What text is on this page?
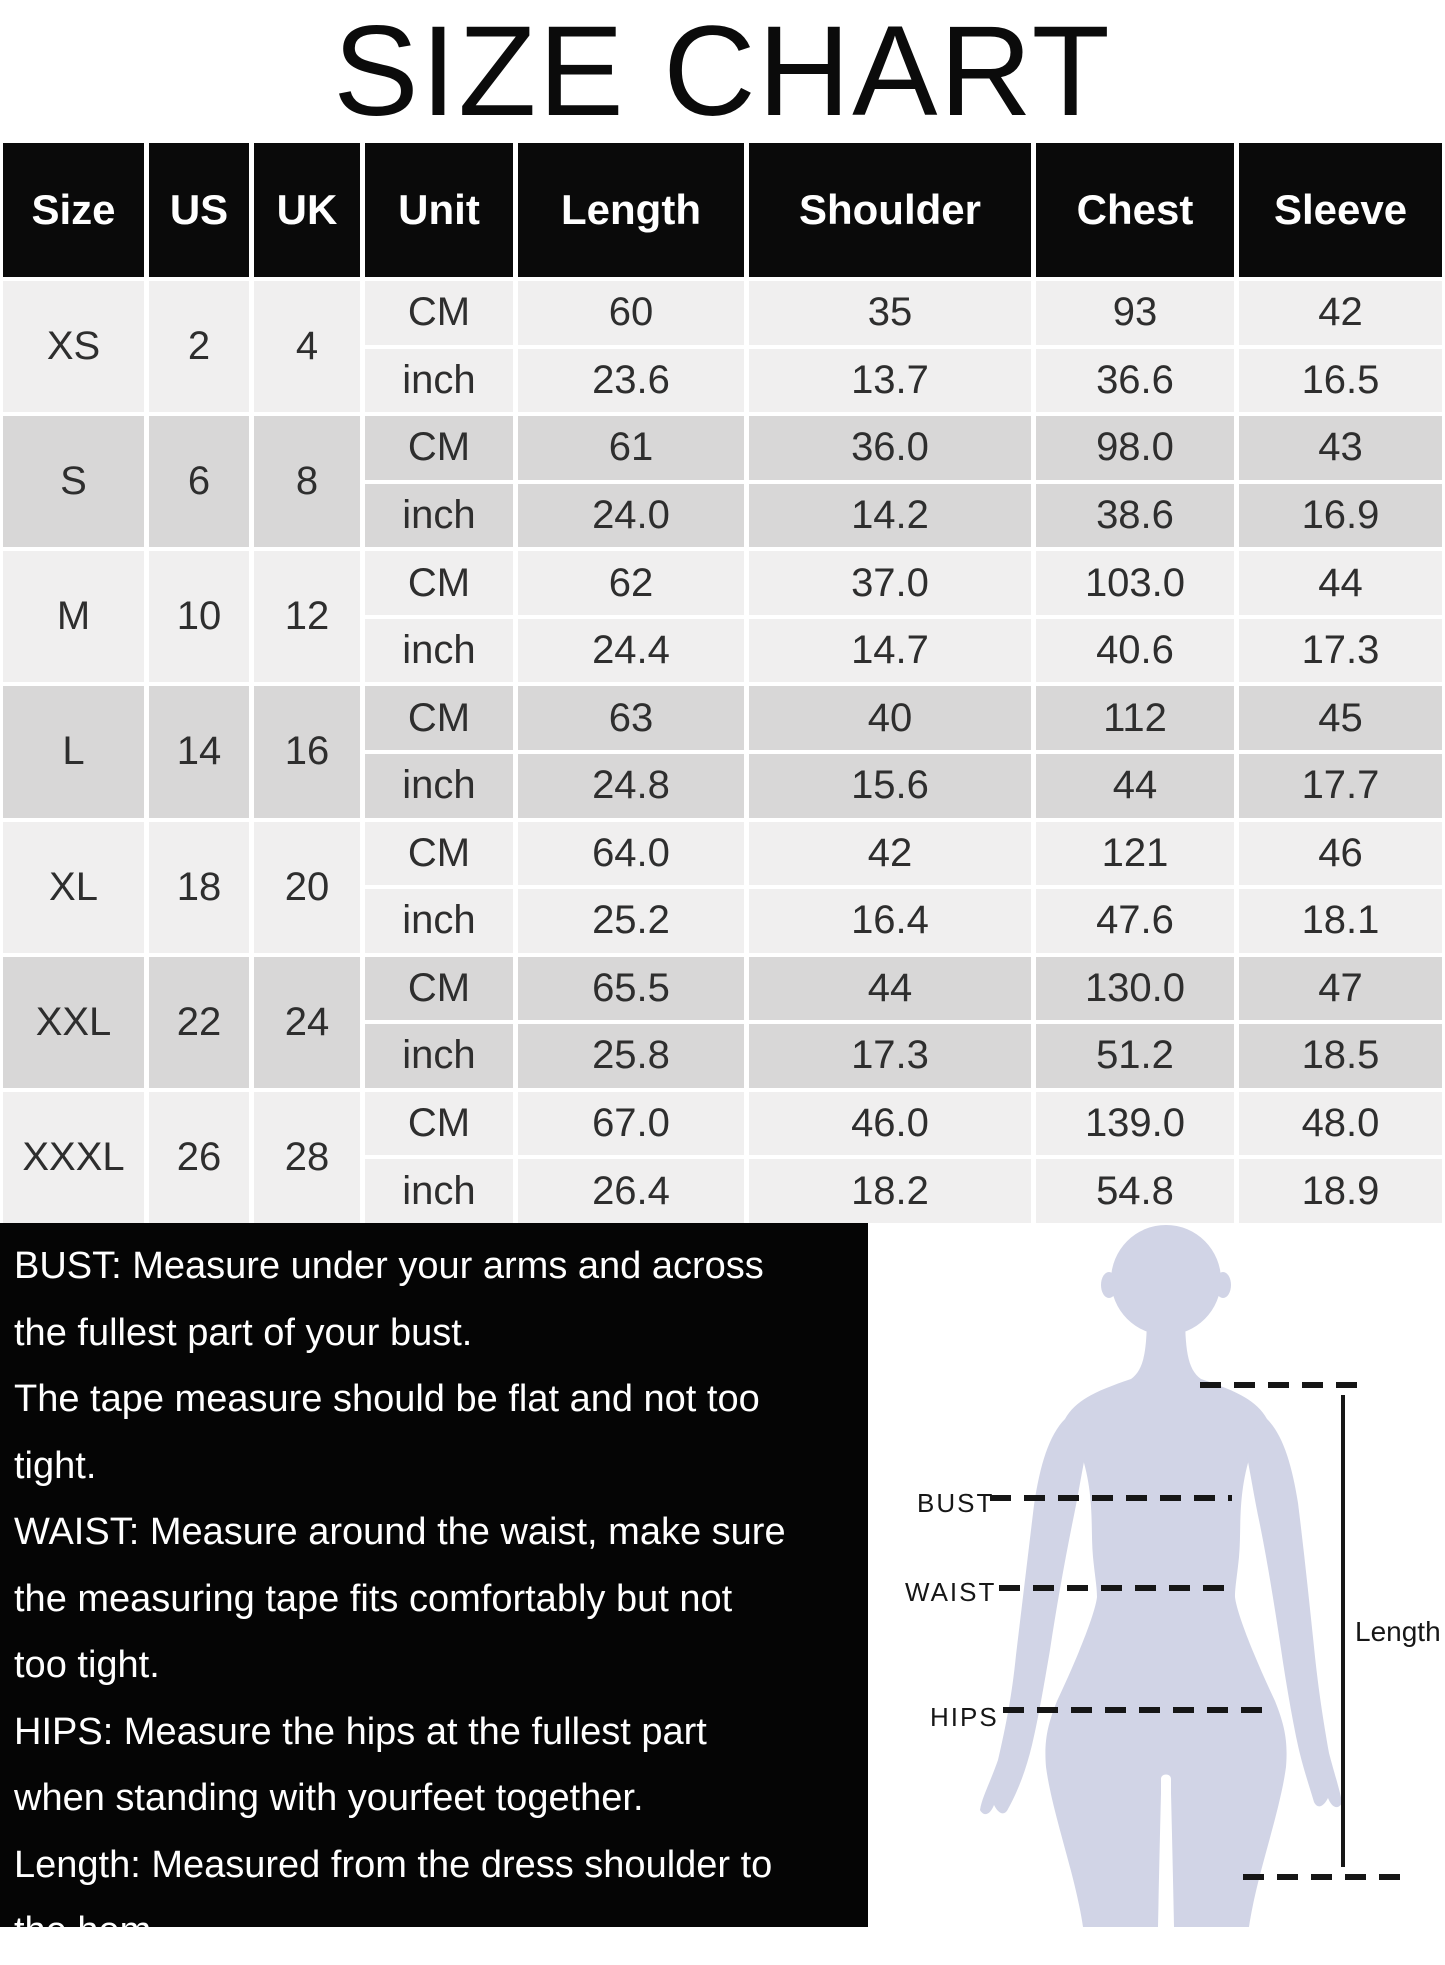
SIZE CHART
Size	US	UK	Unit	Length	Shoulder	Chest	Sleeve
XS	2	4
CM	60	35	93	42
inch	23.6	13.7	36.6	16.5
S	6	8
CM	61	36.0	98.0	43
inch	24.0	14.2	38.6	16.9
M	10	12
CM	62	37.0	103.0	44
inch	24.4	14.7	40.6	17.3
L	14	16
CM	63	40	112	45
inch	24.8	15.6	44	17.7
XL	18	20
CM	64.0	42	121	46
inch	25.2	16.4	47.6	18.1
XXL	22	24
CM	65.5	44	130.0	47
inch	25.8	17.3	51.2	18.5
XXXL	26	28
CM	67.0	46.0	139.0	48.0
inch	26.4	18.2	54.8	18.9
BUST: Measure under your arms and across
the fullest part of your bust.
The tape measure should be flat and not too
tight.
WAIST: Measure around the waist, make sure
the measuring tape fits comfortably but not
too tight.
HIPS: Measure the hips at the fullest part
when standing with yourfeet together.
Length: Measured from the dress shoulder to
the hem.
BUST
WAIST
HIPS
Length
